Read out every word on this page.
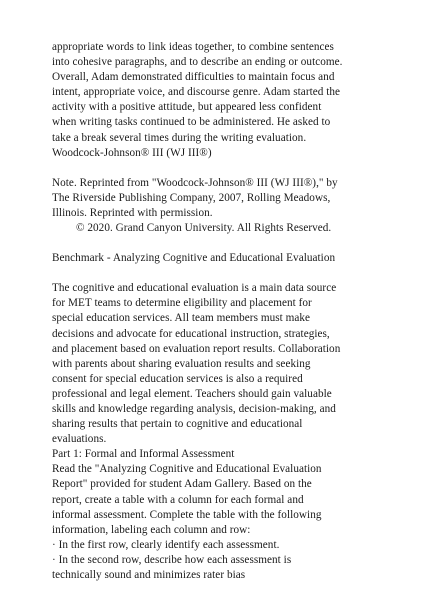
appropriate words to link ideas together, to combine sentences
into cohesive paragraphs, and to describe an ending or outcome.
Overall, Adam demonstrated difficulties to maintain focus and
intent, appropriate voice, and discourse genre. Adam started the
activity with a positive attitude, but appeared less confident
when writing tasks continued to be administered. He asked to
take a break several times during the writing evaluation.
Woodcock-Johnson® III (WJ III®)
Note. Reprinted from "Woodcock-Johnson® III (WJ III®)," by
The Riverside Publishing Company, 2007, Rolling Meadows,
Illinois. Reprinted with permission.
© 2020. Grand Canyon University. All Rights Reserved.
Benchmark - Analyzing Cognitive and Educational Evaluation
The cognitive and educational evaluation is a main data source
for MET teams to determine eligibility and placement for
special education services. All team members must make
decisions and advocate for educational instruction, strategies,
and placement based on evaluation report results. Collaboration
with parents about sharing evaluation results and seeking
consent for special education services is also a required
professional and legal element. Teachers should gain valuable
skills and knowledge regarding analysis, decision-making, and
sharing results that pertain to cognitive and educational
evaluations.
Part 1: Formal and Informal Assessment
Read the "Analyzing Cognitive and Educational Evaluation
Report" provided for student Adam Gallery. Based on the
report, create a table with a column for each formal and
informal assessment. Complete the table with the following
information, labeling each column and row:
· In the first row, clearly identify each assessment.
· In the second row, describe how each assessment is
technically sound and minimizes rater bias
